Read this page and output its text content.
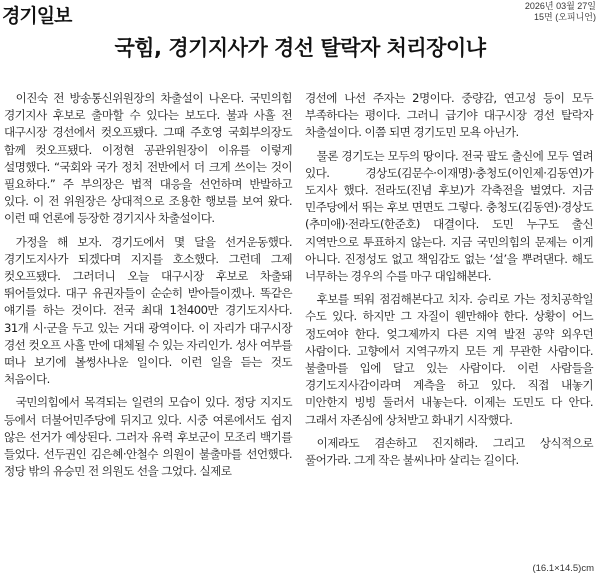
경기일보	2026년 03월 27일
15면 (오피니언)
국힘, 경기지사가 경선 탈락자 처리장이냐

이진숙 전 방송통신위원장의 차출설이 나온다. 국민의힘 경기지사 후보로 출마할 수 있다는 보도다. 불과 사흘 전 대구시장 경선에서 컷오프됐다. 그때 주호영 국회부의장도 함께 컷오프됐다. 이정현 공관위원장이 이유를 이렇게 설명했다. “국회와 국가 정치 전반에서 더 크게 쓰이는 것이 필요하다.” 주 부의장은 법적 대응을 선언하며 반발하고 있다. 이 전 위원장은 상대적으로 조용한 행보를 보여 왔다. 이런 때 언론에 등장한 경기지사 차출설이다.

가정을 해 보자. 경기도에서 몇 달을 선거운동했다. 경기도지사가 되겠다며 지지를 호소했다. 그런데 그제 컷오프됐다. 그러더니 오늘 대구시장 후보로 차출돼 뛰어들었다. 대구 유권자들이 순순히 받아들이겠나. 똑같은 얘기를 하는 것이다. 전국 최대 1천400만 경기도지사다. 31개 시·군을 두고 있는 거대 광역이다. 이 자리가 대구시장 경선 컷오프 사흘 만에 대체될 수 있는 자리인가. 성사 여부를 떠나 보기에 볼썽사나운 일이다. 이런 일을 듣는 것도 처음이다.

국민의힘에서 목격되는 일련의 모습이 있다. 정당 지지도 등에서 더불어민주당에 뒤지고 있다. 시중 여론에서도 쉽지 않은 선거가 예상된다. 그러자 유력 후보군이 모조리 백기를 들었다. 선두권인 김은혜·안철수 의원이 불출마를 선언했다. 정당 밖의 유승민 전 의원도 선을 그었다. 실제로

경선에 나선 주자는 2명이다. 중량감, 연고성 등이 모두 부족하다는 평이다. 그러니 급기야 대구시장 경선 탈락자 차출설이다. 이쯤 되면 경기도민 모욕 아닌가.

물론 경기도는 모두의 땅이다. 전국 팔도 출신에 모두 열려 있다. 경상도(김문수·이재명)·충청도(이인제·김동연)가 도지사 했다. 전라도(진념 후보)가 각축전을 벌였다. 지금 민주당에서 뛰는 후보 면면도 그렇다. 충청도(김동연)·경상도(추미애)·전라도(한준호) 대결이다. 도민 누구도 출신 지역만으로 투표하지 않는다. 지금 국민의힘의 문제는 이게 아니다. 진정성도 없고 책임감도 없는 ‘설’을 뿌려댄다. 해도 너무하는 경우의 수를 마구 대입해본다.

후보를 띄워 점검해본다고 치자. 승리로 가는 정치공학일 수도 있다. 하지만 그 자질이 웬만해야 한다. 상황이 어느 정도여야 한다. 엊그제까지 다른 지역 발전 공약 외우던 사람이다. 고향에서 지역구까지 모든 게 무관한 사람이다. 불출마를 입에 달고 있는 사람이다. 이런 사람들을 경기도지사감이라며 계측을 하고 있다. 직접 내놓기 미안한지 빙빙 둘러서 내놓는다. 이제는 도민도 다 안다. 그래서 자존심에 상처받고 화내기 시작했다.

이제라도 겸손하고 진지해라. 그리고 상식적으로 풀어가라. 그게 작은 불씨나마 살리는 길이다.

(16.1×14.5)cm
